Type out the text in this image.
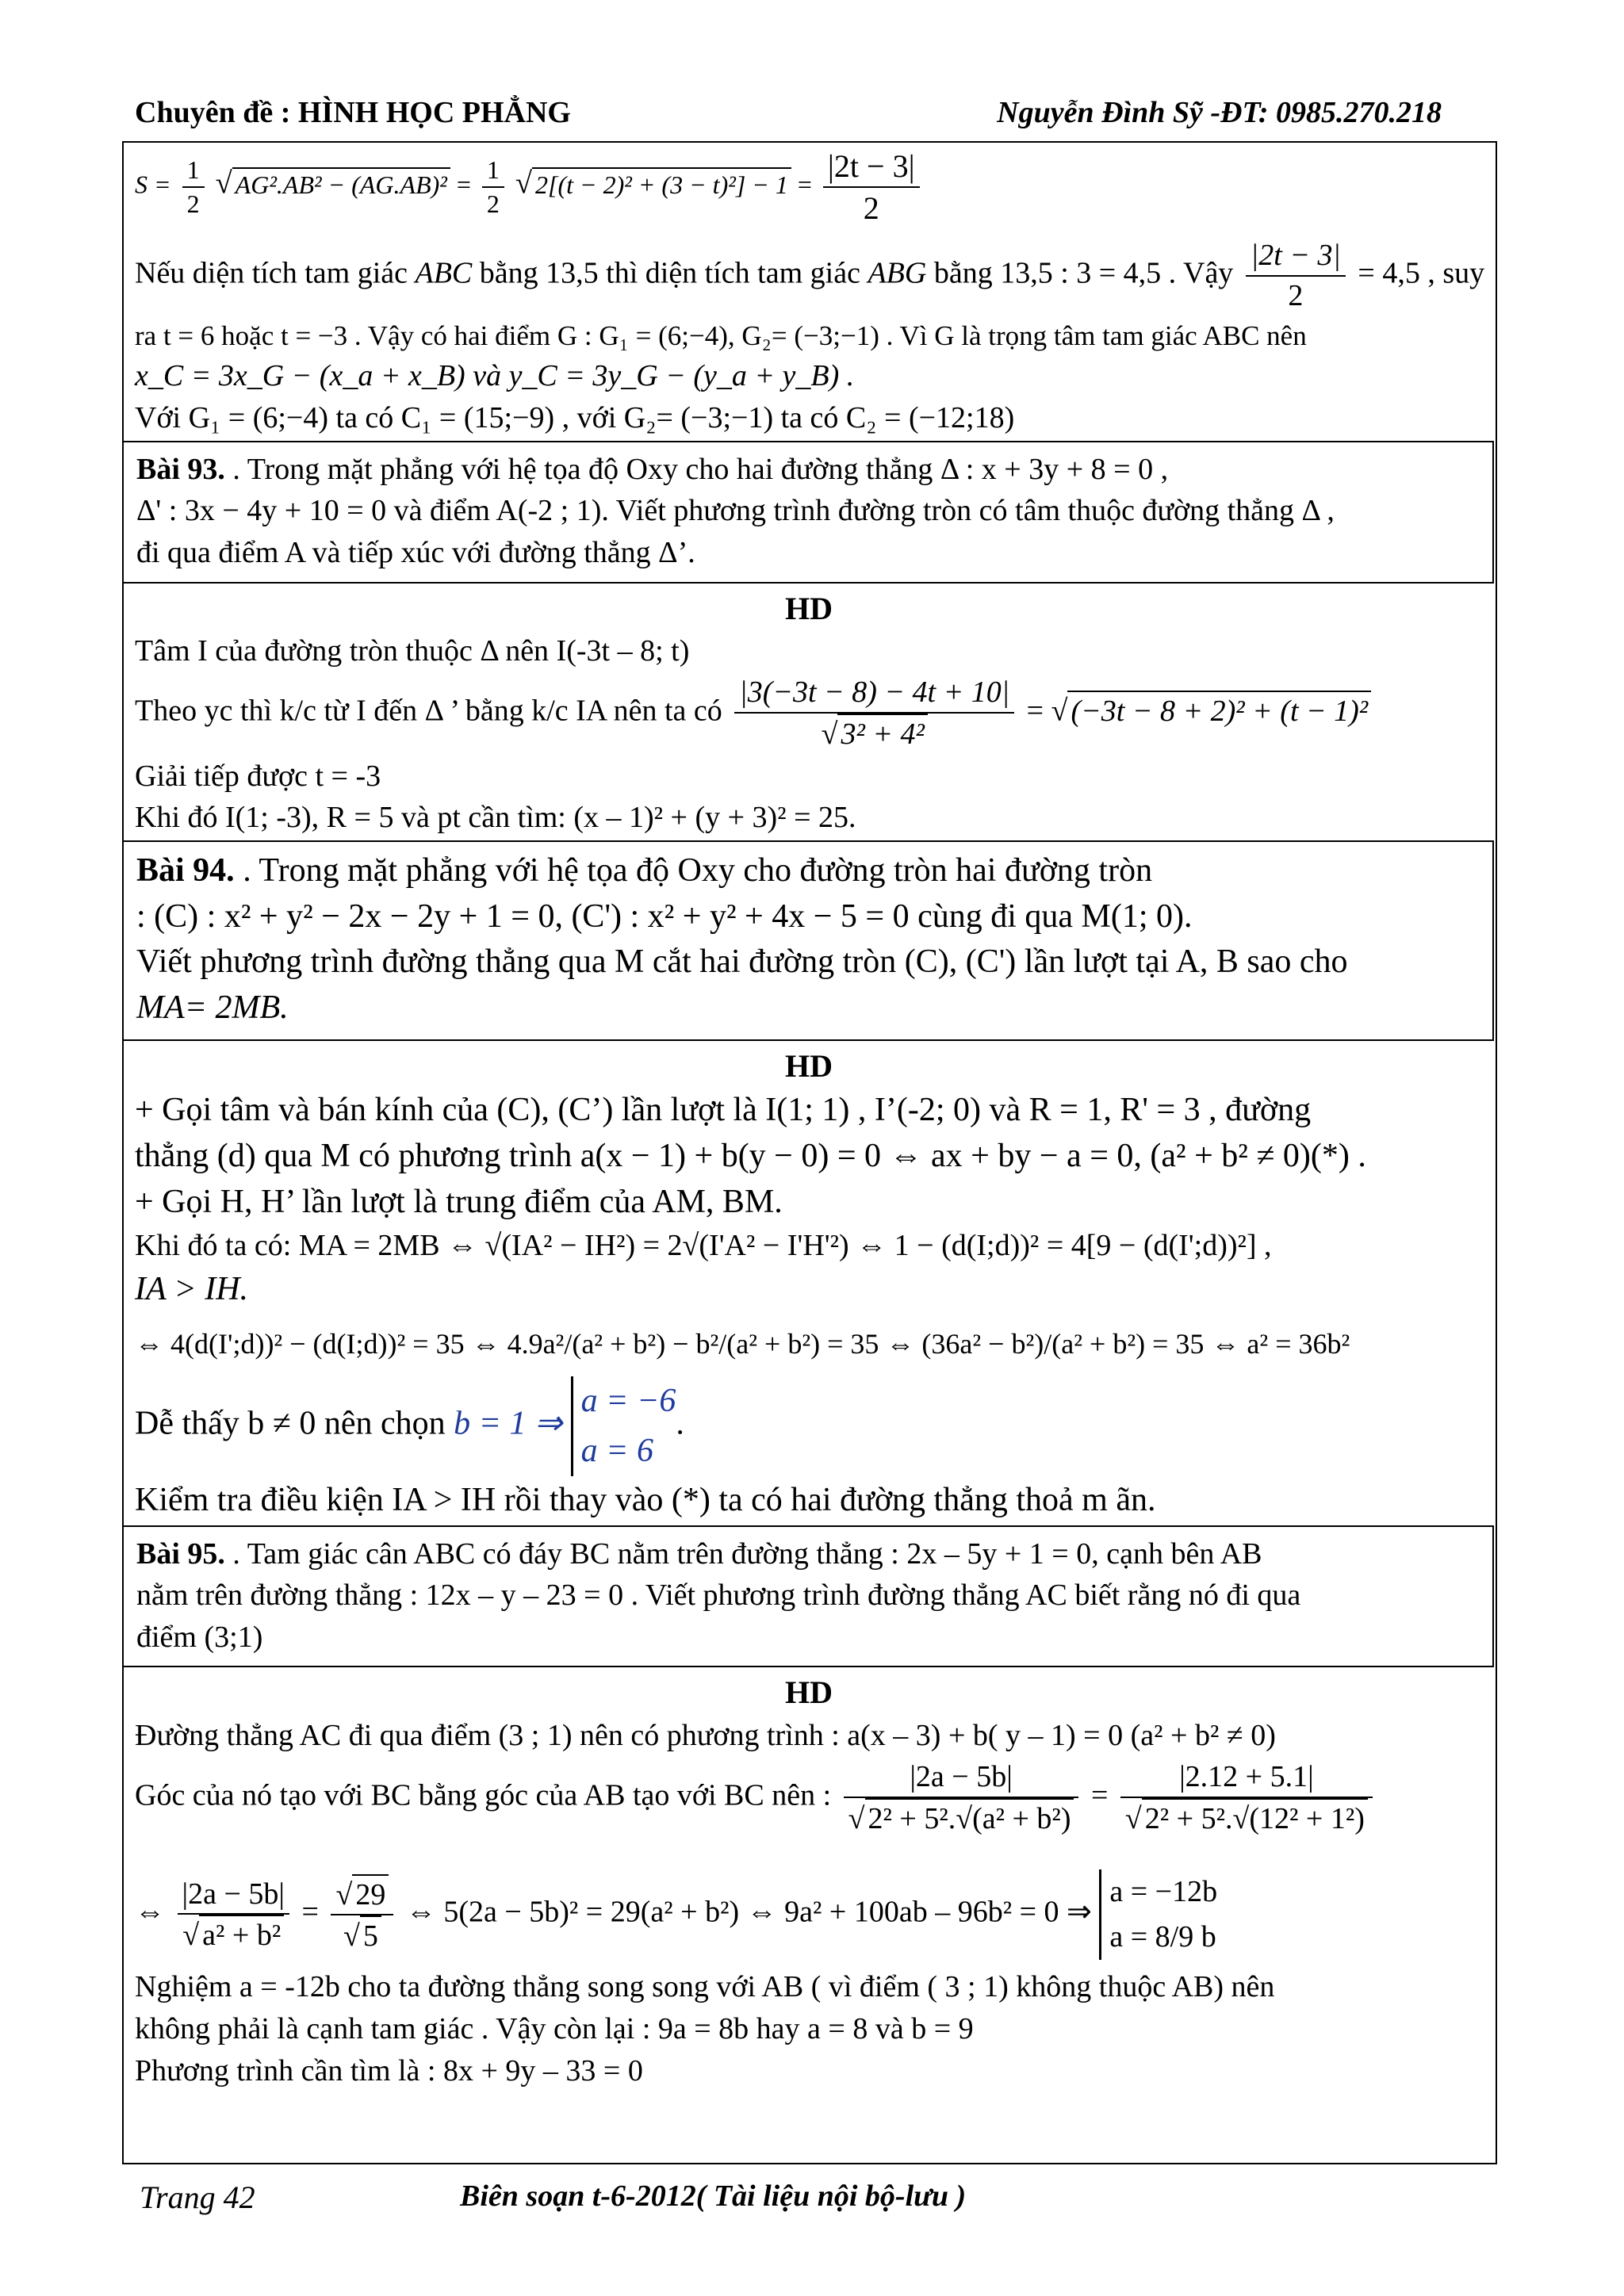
Chuyên đề : HÌNH HỌC PHẲNG	Nguyễn Đình Sỹ -ĐT: 0985.270.218
$S = \frac{1}{2}$ √ $AG^2.AB^2 - (AG.AB)^2 = \frac{1}{2}$ √ $2[(t - 2)^2 + (3 - t)^2] - 1 = \frac{|2t - 3|}{2}$
Nếu diện tích tam giác ABC bằng 13,5 thì diện tích tam giác ABG bằng 13,5 : 3 = 4,5 . Vậy $\frac{|2t - 3|}{2} = 4,5$ , suy
ra t = 6 hoặc t = −3 . Vậy có hai điểm G : G₁ = (6;−4), G₂= (−3;−1) . Vì G là trọng tâm tam giác ABC nên
x_C = 3x_G − (x_a + x_B) và y_C = 3y_G − (y_a + y_B) .
Với G₁ = (6;−4) ta có C₁ = (15;−9) , với G₂= (−3;−1) ta có C₂ = (−12;18)
Bài 93. . Trong mặt phẳng với hệ tọa độ Oxy cho hai đường thẳng Δ : x + 3y + 8 = 0 ,
Δ' : 3x − 4y + 10 = 0 và điểm A(-2 ; 1). Viết phương trình đường tròn có tâm thuộc đường thẳng Δ ,
đi qua điểm A và tiếp xúc với đường thẳng Δ’.
HD
Tâm I của đường tròn thuộc Δ nên I(-3t – 8; t)
Theo yc thì k/c từ I đến Δ ’ bằng k/c IA nên ta có $\frac{|3(-3t - 8) - 4t + 10|}{\text{√ 3² + 4²}}$ = √ (−3t − 8 + 2)² + (t − 1)²
Giải tiếp được t = -3
Khi đó I(1; -3), R = 5 và pt cần tìm: (x – 1)² + (y + 3)² = 25.
Bài 94. . Trong mặt phẳng với hệ tọa độ Oxy cho đường tròn hai đường tròn
: (C) : x² + y² − 2x − 2y + 1 = 0, (C') : x² + y² + 4x − 5 = 0 cùng đi qua M(1; 0).
Viết phương trình đường thẳng qua M cắt hai đường tròn (C), (C') lần lượt tại A, B sao cho
MA= 2MB.
HD
+ Gọi tâm và bán kính của (C), (C’) lần lượt là I(1; 1) , I’(-2; 0) và R = 1, R' = 3 , đường
thẳng (d) qua M có phương trình a(x − 1) + b(y − 0) = 0 ⇔ ax + by − a = 0, (a² + b² ≠ 0)(*) .
+ Gọi H, H’ lần lượt là trung điểm của AM, BM.
Khi đó ta có: MA = 2MB ⇔ √(IA² − IH²) = 2√(I'A² − I'H'²) ⇔ 1 − (d(I;d))² = 4[9 − (d(I';d))²] ,
IA > IH.
⇔ 4(d(I';d))² − (d(I;d))² = 35 ⇔ 4.9a²/(a² + b²) − b²/(a² + b²) = 35 ⇔ (36a² − b²)/(a² + b²) = 35 ⇔ a² = 36b²
Dễ thấy b ≠ 0 nên chọn b = 1 ⇒
a = −6
a = 6
.
Kiểm tra điều kiện IA > IH rồi thay vào (*) ta có hai đường thẳng thoả m ãn.
Bài 95. . Tam giác cân ABC có đáy BC nằm trên đường thẳng : 2x – 5y + 1 = 0, cạnh bên AB
nằm trên đường thẳng : 12x – y – 23 = 0 . Viết phương trình đường thẳng AC biết rằng nó đi qua
điểm (3;1)
HD
Đường thẳng AC đi qua điểm (3 ; 1) nên có phương trình : a(x – 3) + b( y – 1) = 0 (a² + b² ≠ 0)
Góc của nó tạo với BC bằng góc của AB tạo với BC nên : $\frac{|2a - 5b|}{\text{√ 2² + 5².√(a² + b²)}} = \frac{|2.12 + 5.1|}{\text{√ 2² + 5².√(12² + 1²)}}$
⇔ $\frac{|2a - 5b|}{\text{√ a² + b²}} = \frac{√ 29}{√ 5}$ ⇔ 5(2a − 5b)² = 29(a² + b²) ⇔ 9a² + 100ab – 96b² = 0 ⇒
a = −12b
a = 8/9 b
Nghiệm a = -12b cho ta đường thẳng song song với AB ( vì điểm ( 3 ; 1) không thuộc AB) nên
không phải là cạnh tam giác . Vậy còn lại : 9a = 8b hay a = 8 và b = 9
Phương trình cần tìm là : 8x + 9y – 33 = 0
Trang 42	Biên soạn t-6-2012( Tài liệu nội bộ-lưu )
